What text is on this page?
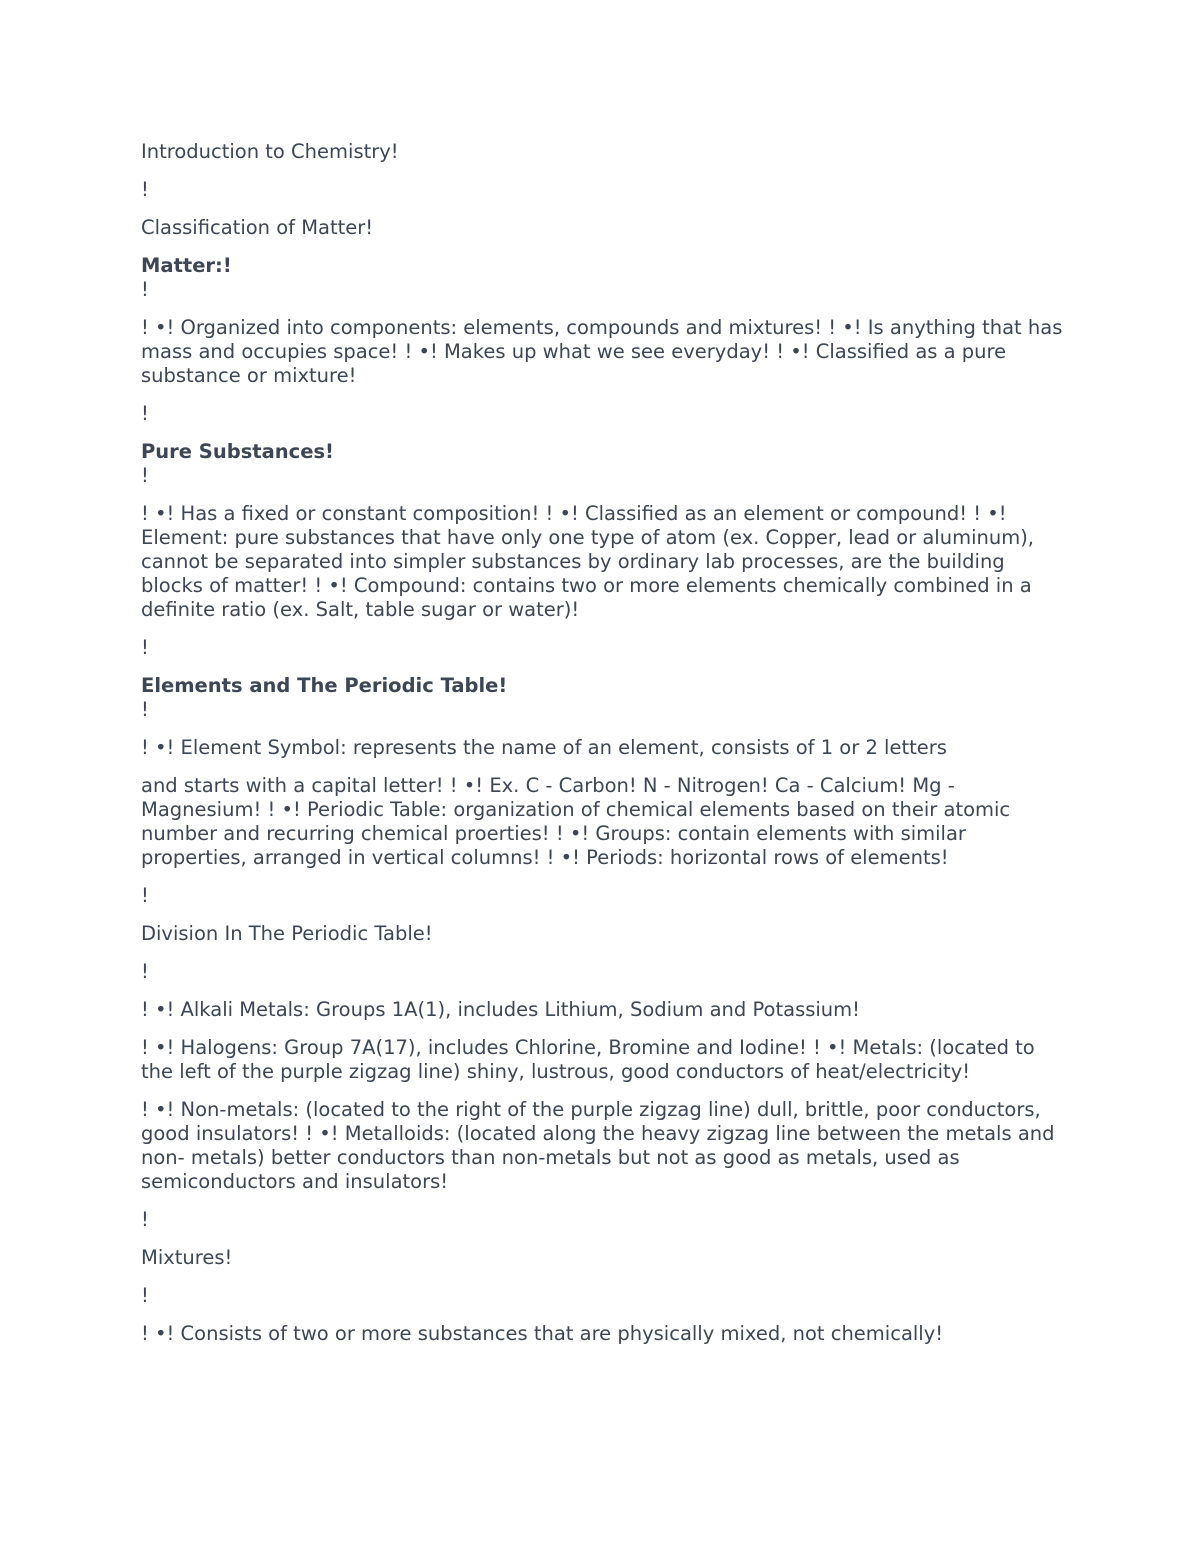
Introduction to Chemistry!

!

Classification of Matter!

Matter:!

!

! •! Organized into components: elements, compounds and mixtures! ! •! Is anything that has mass and occupies space! ! •! Makes up what we see everyday! ! •! Classified as a pure substance or mixture!

!

Pure Substances!

!

! •! Has a fixed or constant composition! ! •! Classified as an element or compound! ! •! Element: pure substances that have only one type of atom (ex. Copper, lead or aluminum), cannot be separated into simpler substances by ordinary lab processes, are the building blocks of matter! ! •! Compound: contains two or more elements chemically combined in a definite ratio (ex. Salt, table sugar or water)!

!

Elements and The Periodic Table!

!

! •! Element Symbol: represents the name of an element, consists of 1 or 2 letters

and starts with a capital letter! ! •! Ex. C - Carbon! N - Nitrogen! Ca - Calcium! Mg - Magnesium! ! •! Periodic Table: organization of chemical elements based on their atomic number and recurring chemical proerties! ! •! Groups: contain elements with similar properties, arranged in vertical columns! ! •! Periods: horizontal rows of elements!

!

Division In The Periodic Table!

!

! •! Alkali Metals: Groups 1A(1), includes Lithium, Sodium and Potassium!

! •! Halogens: Group 7A(17), includes Chlorine, Bromine and Iodine! ! •! Metals: (located to the left of the purple zigzag line) shiny, lustrous, good conductors of heat/electricity!

! •! Non-metals: (located to the right of the purple zigzag line) dull, brittle, poor conductors, good insulators! ! •! Metalloids: (located along the heavy zigzag line between the metals and non- metals) better conductors than non-metals but not as good as metals, used as semiconductors and insulators!

!

Mixtures!

!

! •! Consists of two or more substances that are physically mixed, not chemically!
